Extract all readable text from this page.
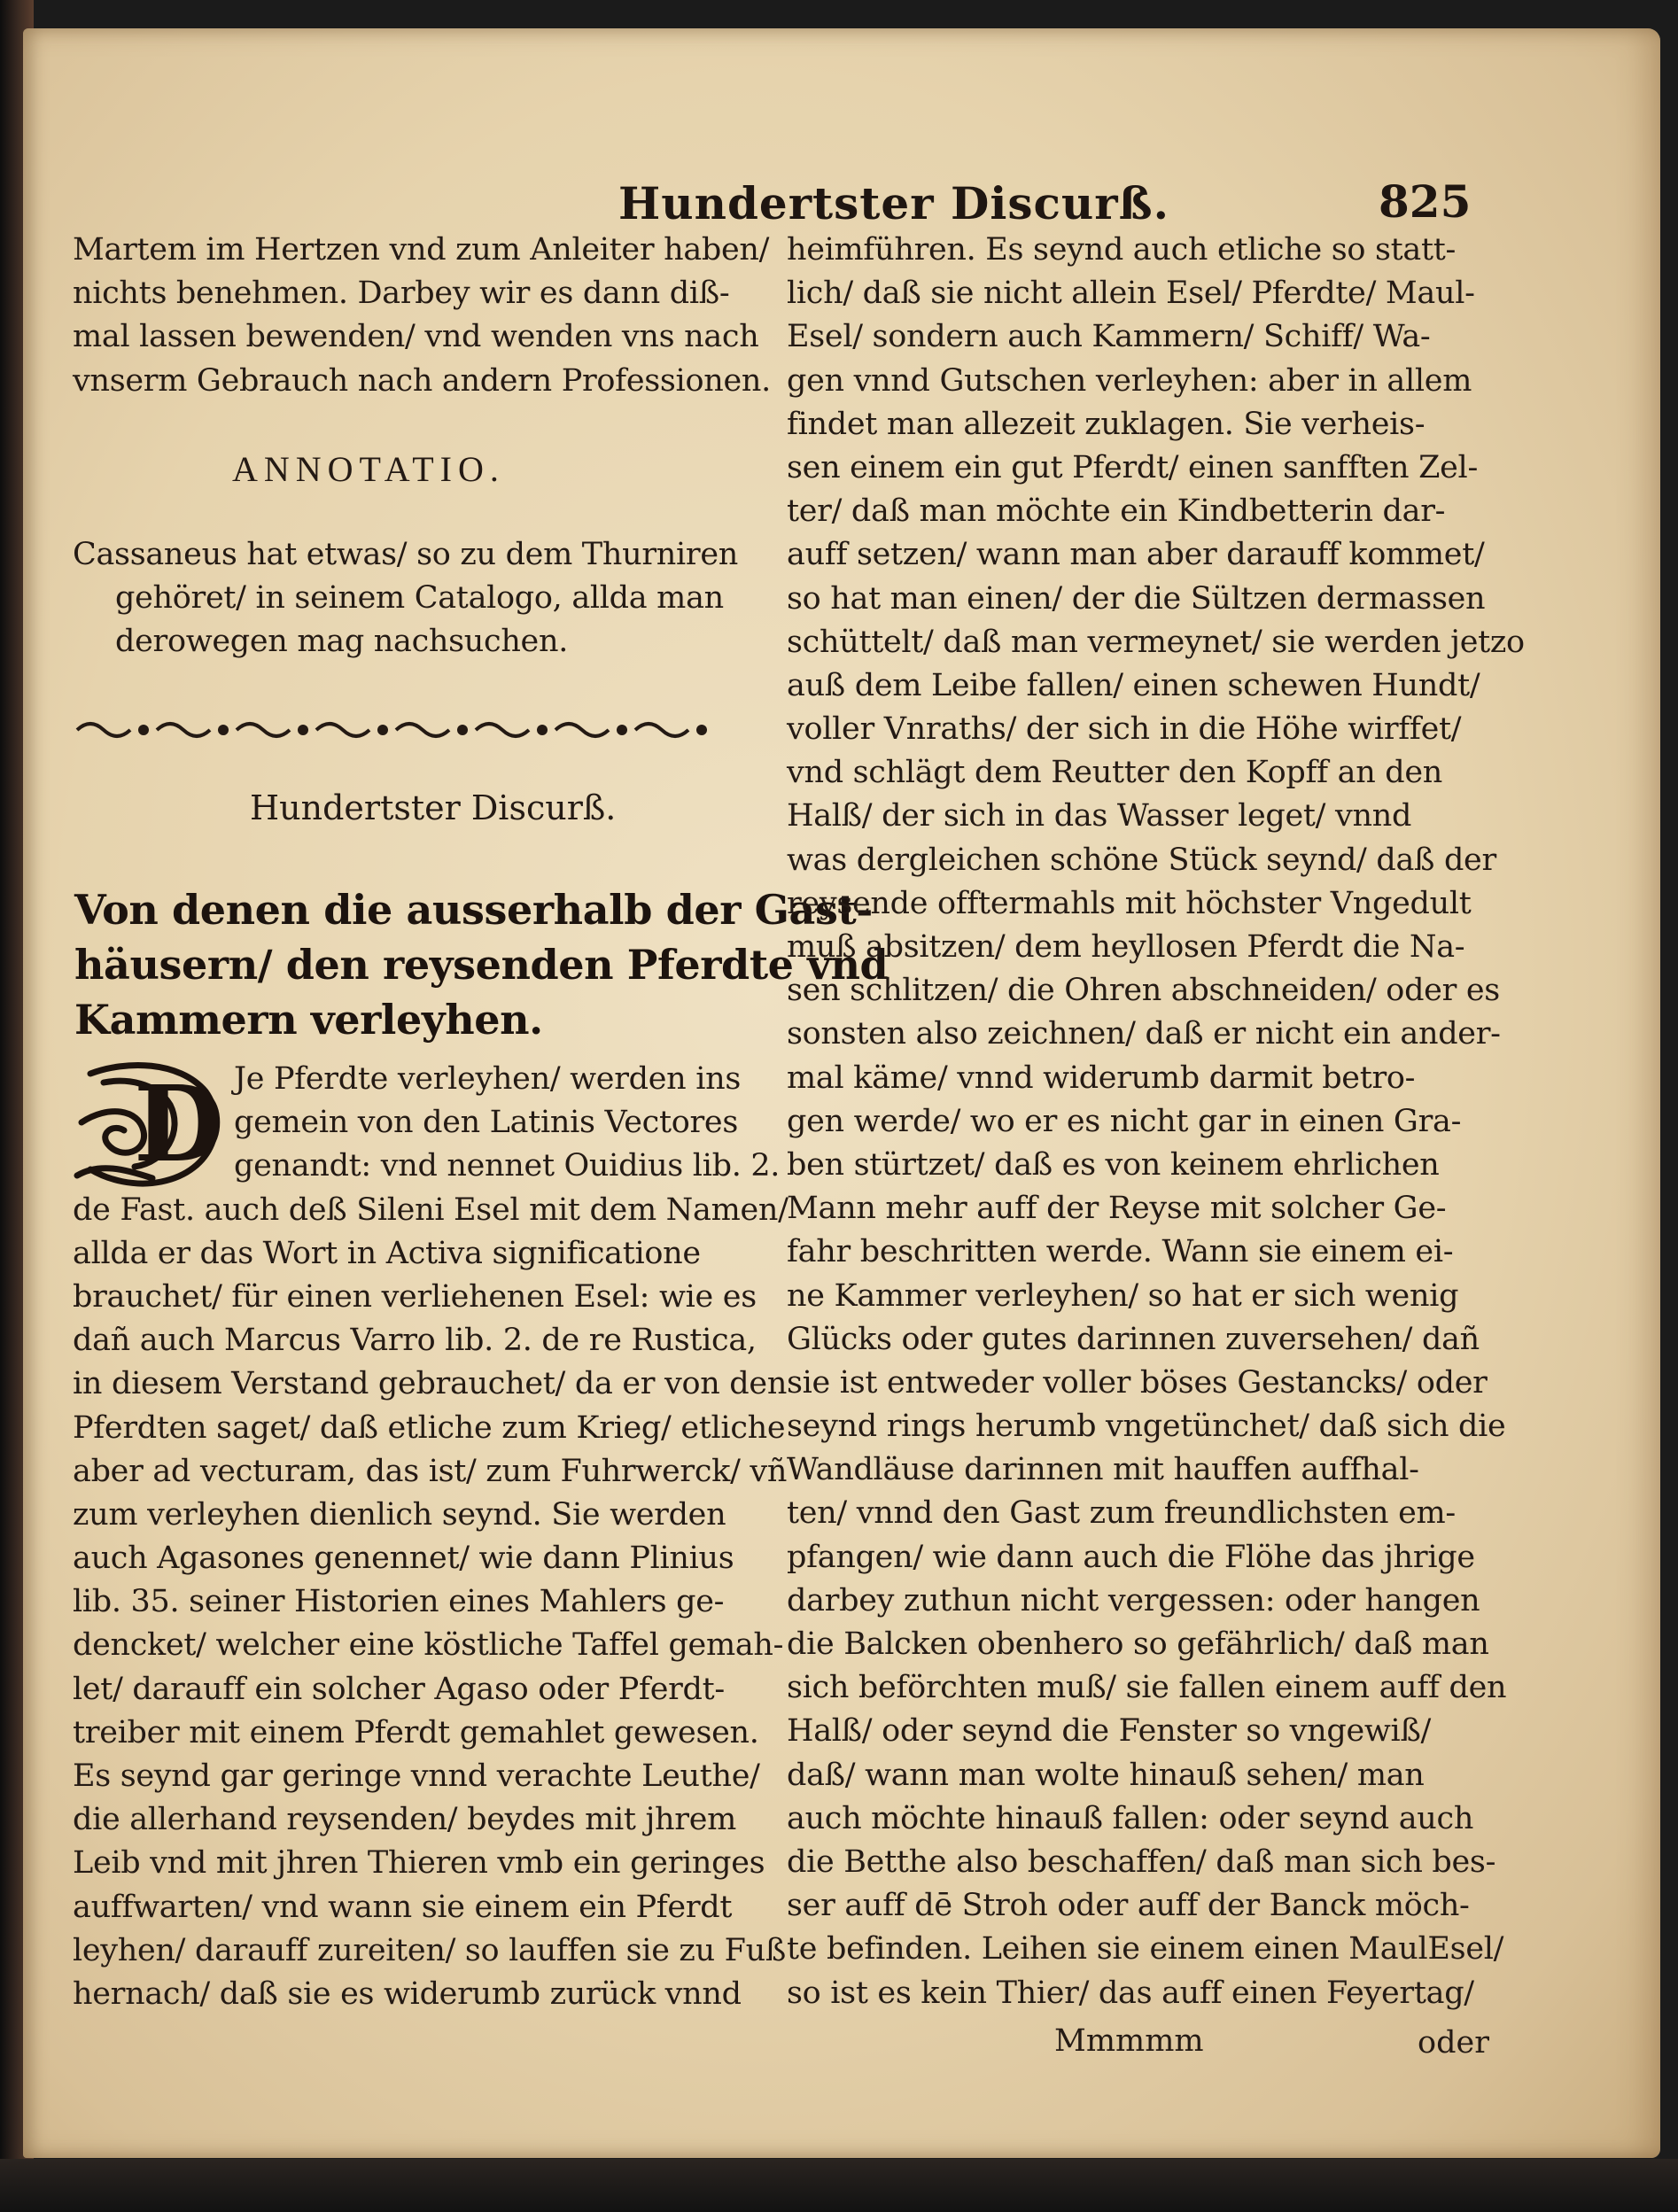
Hundertster Discurß.	825
Martem im Hertzen vnd zum Anleiter haben/
nichts benehmen. Darbey wir es dann diß-
mal lassen bewenden/ vnd wenden vns nach
vnserm Gebrauch nach andern Professionen.
ANNOTATIO.
Cassaneus hat etwas/ so zu dem Thurniren
gehöret/ in seinem Catalogo, allda man
derowegen mag nachsuchen.
Hundertster Discurß.
Von denen die ausserhalb der Gast-
häusern/ den reysenden Pferdte vnd
Kammern verleyhen.
D Je Pferdte verleyhen/ werden ins
gemein von den Latinis Vectores
genandt: vnd nennet Ouidius lib. 2.
de Fast. auch deß Sileni Esel mit dem Namen/
allda er das Wort in Activa significatione
brauchet/ für einen verliehenen Esel: wie es
dañ auch Marcus Varro lib. 2. de re Rustica,
in diesem Verstand gebrauchet/ da er von den
Pferdten saget/ daß etliche zum Krieg/ etliche
aber ad vecturam, das ist/ zum Fuhrwerck/ vñ
zum verleyhen dienlich seynd. Sie werden
auch Agasones genennet/ wie dann Plinius
lib. 35. seiner Historien eines Mahlers ge-
dencket/ welcher eine köstliche Taffel gemah-
let/ darauff ein solcher Agaso oder Pferdt-
treiber mit einem Pferdt gemahlet gewesen.
Es seynd gar geringe vnnd verachte Leuthe/
die allerhand reysenden/ beydes mit jhrem
Leib vnd mit jhren Thieren vmb ein geringes
auffwarten/ vnd wann sie einem ein Pferdt
leyhen/ darauff zureiten/ so lauffen sie zu Fuß
hernach/ daß sie es widerumb zurück vnnd
heimführen. Es seynd auch etliche so statt-
lich/ daß sie nicht allein Esel/ Pferdte/ Maul-
Esel/ sondern auch Kammern/ Schiff/ Wa-
gen vnnd Gutschen verleyhen: aber in allem
findet man allezeit zuklagen. Sie verheis-
sen einem ein gut Pferdt/ einen sanfften Zel-
ter/ daß man möchte ein Kindbetterin dar-
auff setzen/ wann man aber darauff kommet/
so hat man einen/ der die Sültzen dermassen
schüttelt/ daß man vermeynet/ sie werden jetzo
auß dem Leibe fallen/ einen schewen Hundt/
voller Vnraths/ der sich in die Höhe wirffet/
vnd schlägt dem Reutter den Kopff an den
Halß/ der sich in das Wasser leget/ vnnd
was dergleichen schöne Stück seynd/ daß der
reysende offtermahls mit höchster Vngedult
muß absitzen/ dem heyllosen Pferdt die Na-
sen schlitzen/ die Ohren abschneiden/ oder es
sonsten also zeichnen/ daß er nicht ein ander-
mal käme/ vnnd widerumb darmit betro-
gen werde/ wo er es nicht gar in einen Gra-
ben stürtzet/ daß es von keinem ehrlichen
Mann mehr auff der Reyse mit solcher Ge-
fahr beschritten werde. Wann sie einem ei-
ne Kammer verleyhen/ so hat er sich wenig
Glücks oder gutes darinnen zuversehen/ dañ
sie ist entweder voller böses Gestancks/ oder
seynd rings herumb vngetünchet/ daß sich die
Wandläuse darinnen mit hauffen auffhal-
ten/ vnnd den Gast zum freundlichsten em-
pfangen/ wie dann auch die Flöhe das jhrige
darbey zuthun nicht vergessen: oder hangen
die Balcken obenhero so gefährlich/ daß man
sich beförchten muß/ sie fallen einem auff den
Halß/ oder seynd die Fenster so vngewiß/
daß/ wann man wolte hinauß sehen/ man
auch möchte hinauß fallen: oder seynd auch
die Betthe also beschaffen/ daß man sich bes-
ser auff dē Stroh oder auff der Banck möch-
te befinden. Leihen sie einem einen MaulEsel/
so ist es kein Thier/ das auff einen Feyertag/
Mmmmm	oder
